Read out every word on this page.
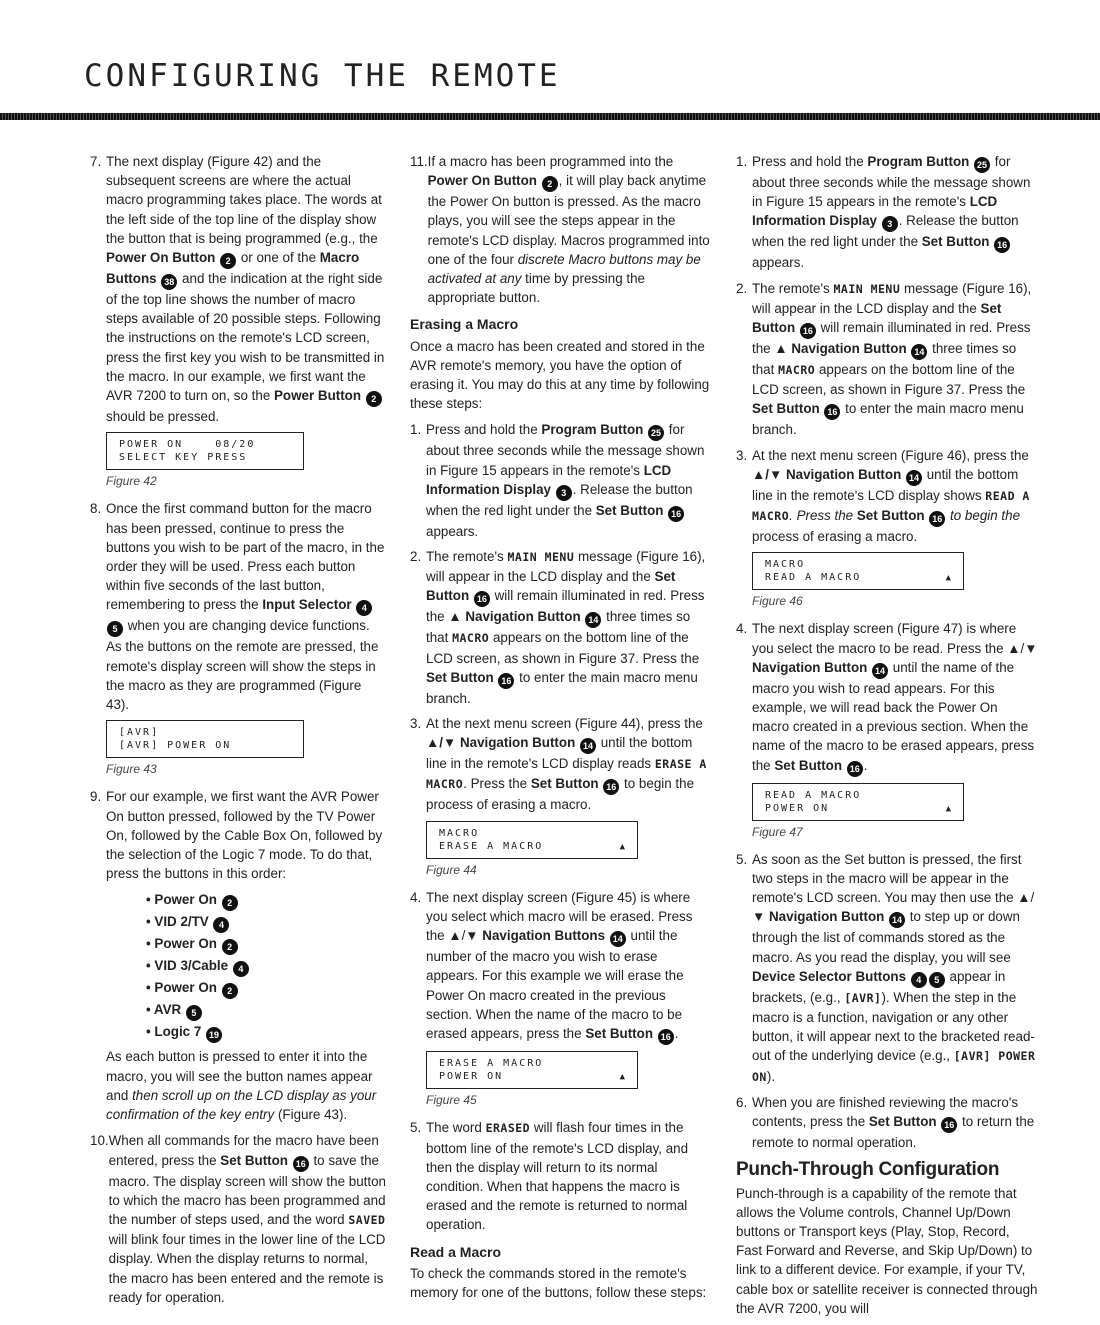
CONFIGURING THE REMOTE
7. The next display (Figure 42) and the subsequent screens are where the actual macro programming takes place. The words at the left side of the top line of the display show the button that is being programmed (e.g., the Power On Button 2 or one of the Macro Buttons 38 and the indication at the right side of the top line shows the number of macro steps available of 20 possible steps. Following the instructions on the remote's LCD screen, press the first key you wish to be transmitted in the macro. In our example, we first want the AVR 7200 to turn on, so the Power Button 2 should be pressed.
POWER ON    08/20
SELECT KEY PRESS
Figure 42
8. Once the first command button for the macro has been pressed, continue to press the buttons you wish to be part of the macro, in the order they will be used. Press each button within five seconds of the last button, remembering to press the Input Selector 45 when you are changing device functions. As the buttons on the remote are pressed, the remote's display screen will show the steps in the macro as they are programmed (Figure 43).
[AVR]
[AVR] POWER ON
Figure 43
9. For our example, we first want the AVR Power On button pressed, followed by the TV Power On, followed by the Cable Box On, followed by the selection of the Logic 7 mode. To do that, press the buttons in this order:
• Power On 2
• VID 2/TV 4
• Power On 2
• VID 3/Cable 4
• Power On 2
• AVR 5
• Logic 7 19
As each button is pressed to enter it into the macro, you will see the button names appear and then scroll up on the LCD display as your confirmation of the key entry (Figure 43).
10. When all commands for the macro have been entered, press the Set Button 16 to save the macro. The display screen will show the button to which the macro has been programmed and the number of steps used, and the word SAVED will blink four times in the lower line of the LCD display. When the display returns to normal, the macro has been entered and the remote is ready for operation.
11. If a macro has been programmed into the Power On Button 2 , it will play back anytime the Power On button is pressed. As the macro plays, you will see the steps appear in the remote's LCD display. Macros programmed into one of the four discrete Macro buttons may be activated at any time by pressing the appropriate button.
Erasing a Macro
Once a macro has been created and stored in the AVR remote's memory, you have the option of erasing it. You may do this at any time by following these steps:
1. Press and hold the Program Button 25 for about three seconds while the message shown in Figure 15 appears in the remote's LCD Information Display 3 . Release the button when the red light under the Set Button 16 appears.
2. The remote's MAIN MENU message (Figure 16), will appear in the LCD display and the Set Button 16 will remain illuminated in red. Press the ▲ Navigation Button 14 three times so that MACRO appears on the bottom line of the LCD screen, as shown in Figure 37. Press the Set Button 16 to enter the main macro menu branch.
3. At the next menu screen (Figure 44), press the ▲/▼ Navigation Button 14 until the bottom line in the remote's LCD display reads ERASE A MACRO. Press the Set Button 16 to begin the process of erasing a macro.
MACRO
ERASE A MACRO	▲
Figure 44
4. The next display screen (Figure 45) is where you select which macro will be erased. Press the ▲/▼ Navigation Buttons 14 until the number of the macro you wish to erase appears. For this example we will erase the Power On macro created in the previous section. When the name of the macro to be erased appears, press the Set Button 16 .
ERASE A MACRO
POWER ON	▲
Figure 45
5. The word ERASED will flash four times in the bottom line of the remote's LCD display, and then the display will return to its normal condition. When that happens the macro is erased and the remote is returned to normal operation.
Read a Macro
To check the commands stored in the remote's memory for one of the buttons, follow these steps:
1. Press and hold the Program Button 25 for about three seconds while the message shown in Figure 15 appears in the remote's LCD Information Display 3 . Release the button when the red light under the Set Button 16 appears.
2. The remote's MAIN MENU message (Figure 16), will appear in the LCD display and the Set Button 16 will remain illuminated in red. Press the ▲ Navigation Button 14 three times so that MACRO appears on the bottom line of the LCD screen, as shown in Figure 37. Press the Set Button 16 to enter the main macro menu branch.
3. At the next menu screen (Figure 46), press the ▲/▼ Navigation Button 14 until the bottom line in the remote's LCD display shows READ A MACRO. Press the Set Button 16 to begin the process of erasing a macro.
MACRO
READ A MACRO	▲
Figure 46
4. The next display screen (Figure 47) is where you select the macro to be read. Press the ▲/▼ Navigation Button 14 until the name of the macro you wish to read appears. For this example, we will read back the Power On macro created in a previous section. When the name of the macro to be erased appears, press the Set Button 16 .
READ A MACRO
POWER ON	▲
Figure 47
5. As soon as the Set button is pressed, the first two steps in the macro will be appear in the remote's LCD screen. You may then use the ▲/▼ Navigation Button 14 to step up or down through the list of commands stored as the macro. As you read the display, you will see Device Selector Buttons 4 5 appear in brackets, (e.g., [AVR]). When the step in the macro is a function, navigation or any other button, it will appear next to the bracketed read-out of the underlying device (e.g., [AVR] POWER ON).
6. When you are finished reviewing the macro's contents, press the Set Button 16 to return the remote to normal operation.
Punch-Through Configuration
Punch-through is a capability of the remote that allows the Volume controls, Channel Up/Down buttons or Transport keys (Play, Stop, Record, Fast Forward and Reverse, and Skip Up/Down) to link to a different device. For example, if your TV, cable box or satellite receiver is connected through the AVR 7200, you will
